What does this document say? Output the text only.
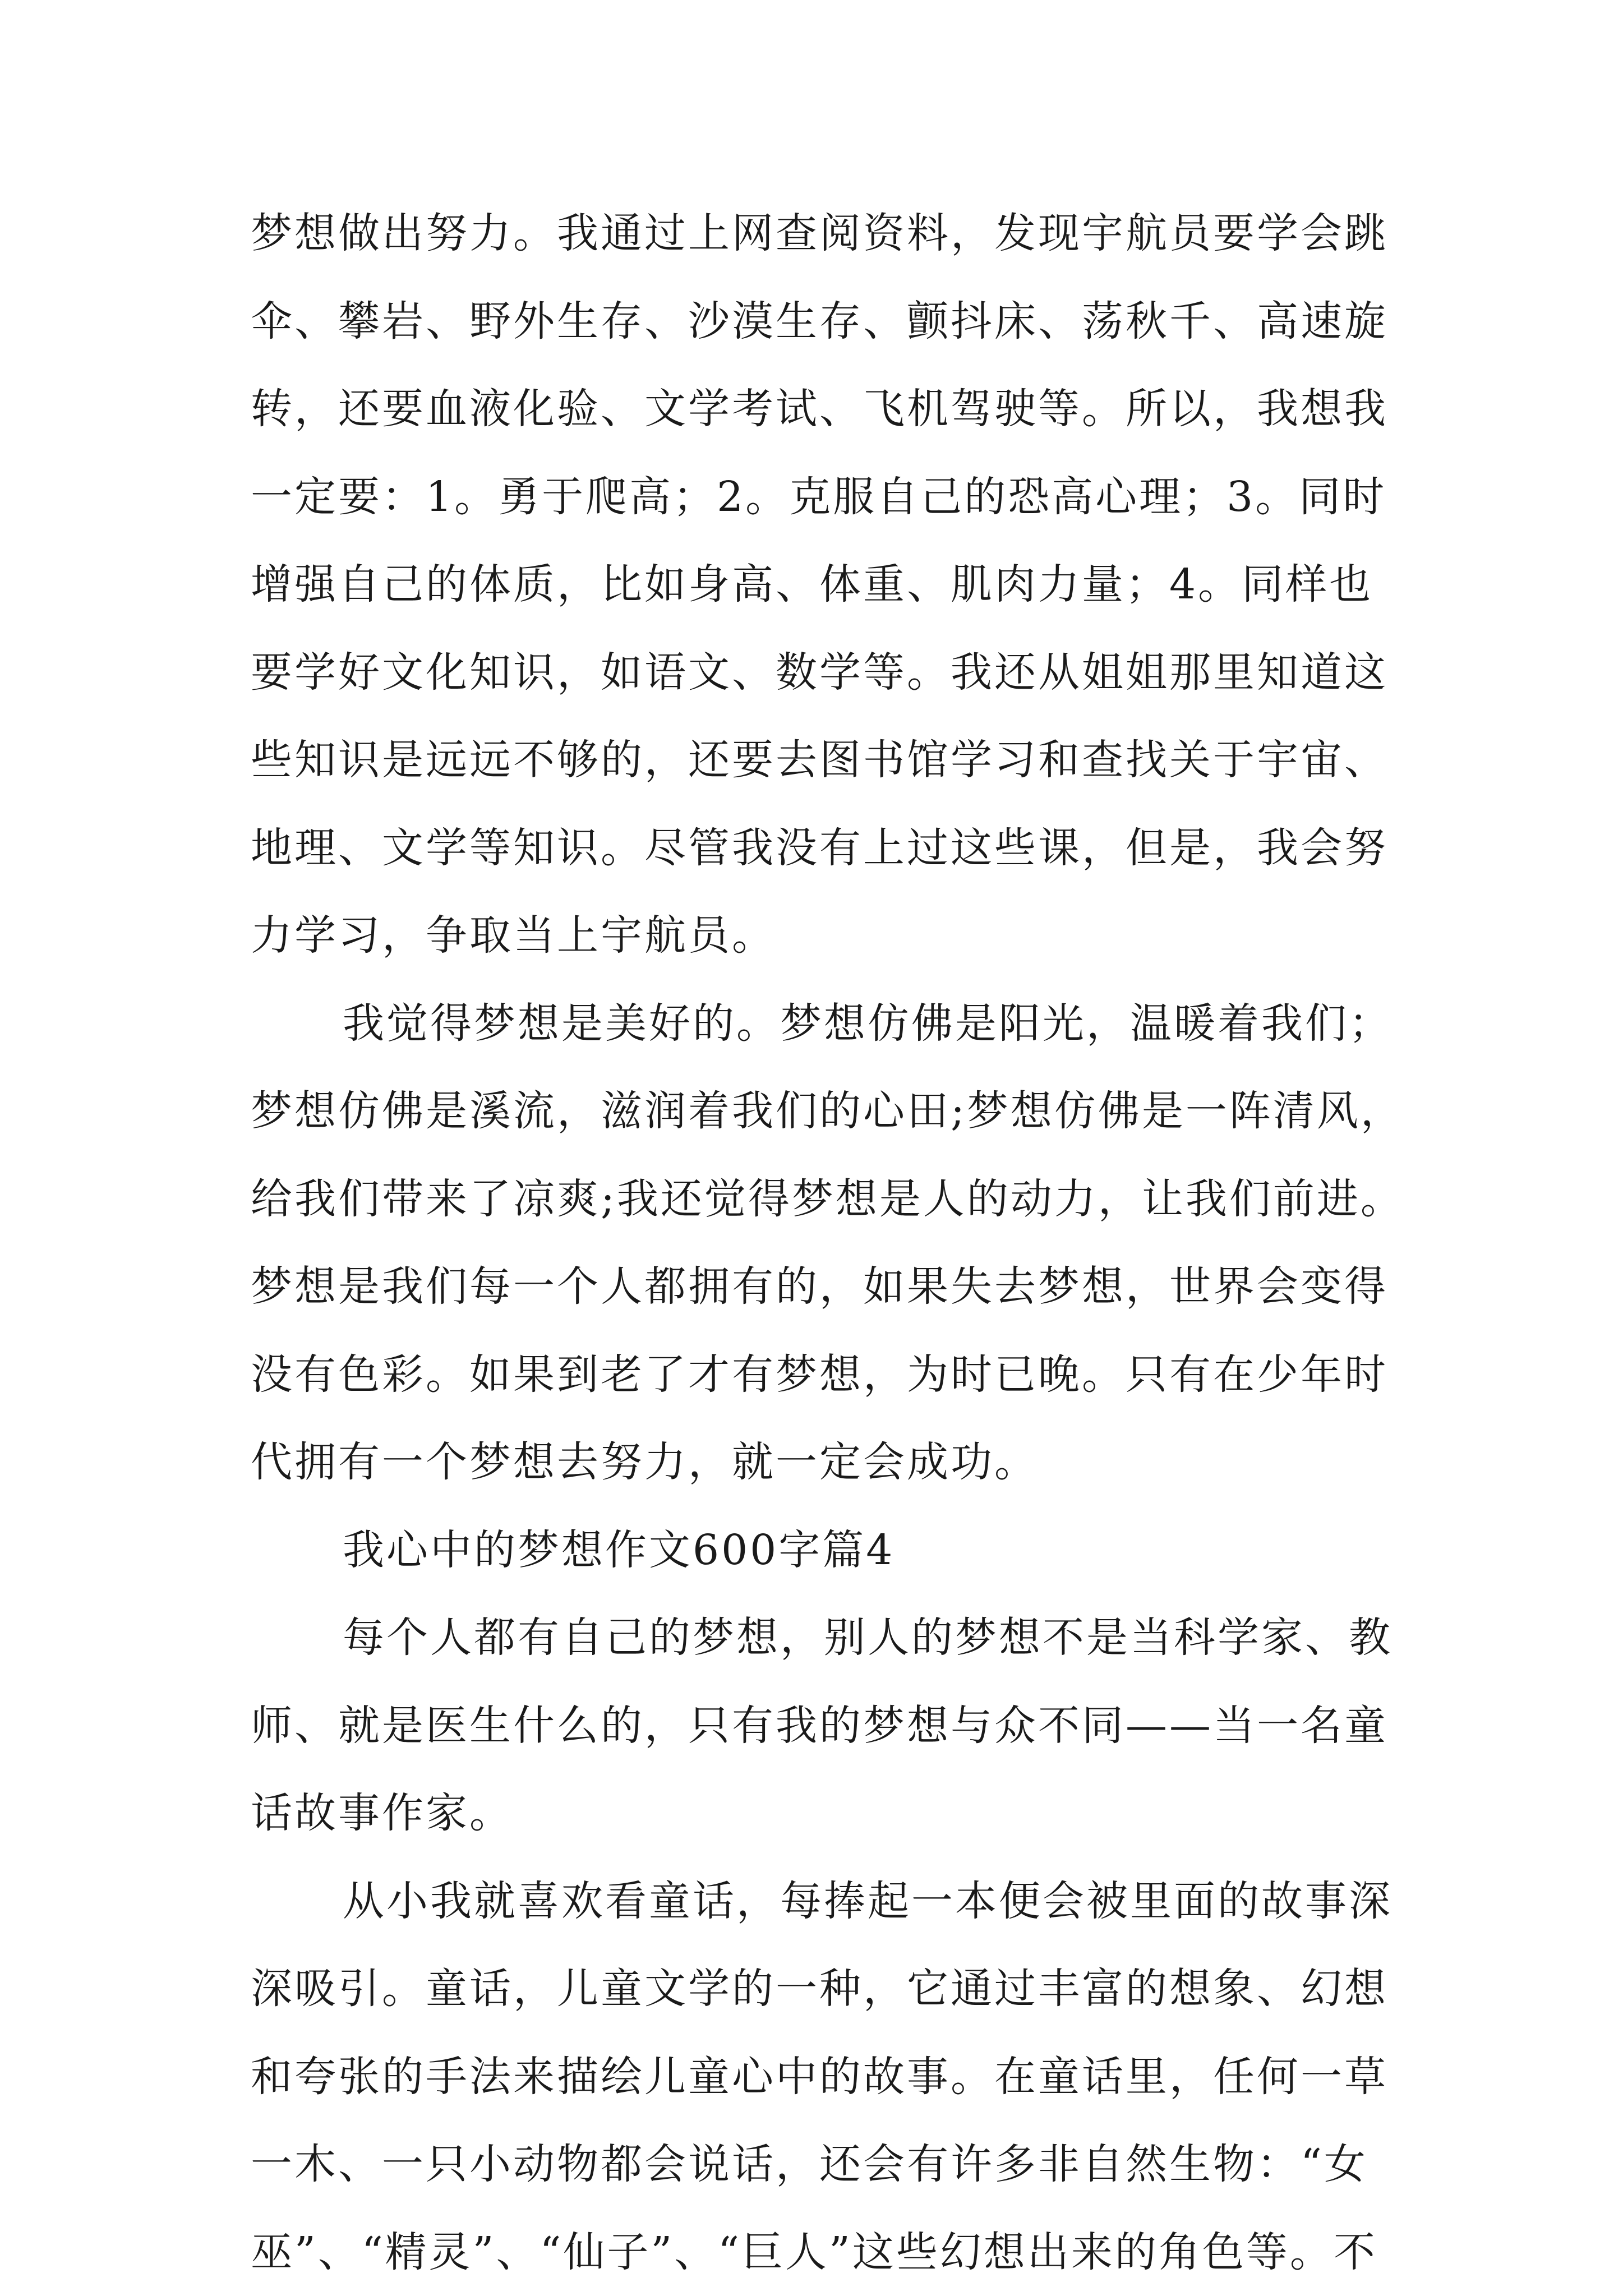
梦想做出努力。我通过上网查阅资料，发现宇航员要学会跳
伞、攀岩、野外生存、沙漠生存、颤抖床、荡秋千、高速旋
转，还要血液化验、文学考试、飞机驾驶等。所以，我想我
一定要：1。勇于爬高；2。克服自己的恐高心理；3。同时
增强自己的体质，比如身高、体重、肌肉力量；4。同样也
要学好文化知识，如语文、数学等。我还从姐姐那里知道这
些知识是远远不够的，还要去图书馆学习和查找关于宇宙、
地理、文学等知识。尽管我没有上过这些课，但是，我会努
力学习，争取当上宇航员。
我觉得梦想是美好的。梦想仿佛是阳光，温暖着我们；
梦想仿佛是溪流，滋润着我们的心田;梦想仿佛是一阵清风，
给我们带来了凉爽;我还觉得梦想是人的动力，让我们前进。
梦想是我们每一个人都拥有的，如果失去梦想，世界会变得
没有色彩。如果到老了才有梦想，为时已晚。只有在少年时
代拥有一个梦想去努力，就一定会成功。
我心中的梦想作文600字篇4
每个人都有自己的梦想，别人的梦想不是当科学家、教
师、就是医生什么的，只有我的梦想与众不同——当一名童
话故事作家。
从小我就喜欢看童话，每捧起一本便会被里面的故事深
深吸引。童话，儿童文学的一种，它通过丰富的想象、幻想
和夸张的手法来描绘儿童心中的故事。在童话里，任何一草
一木、一只小动物都会说话，还会有许多非自然生物：“女
巫”、“精灵”、“仙子”、“巨人”这些幻想出来的角色等。不
